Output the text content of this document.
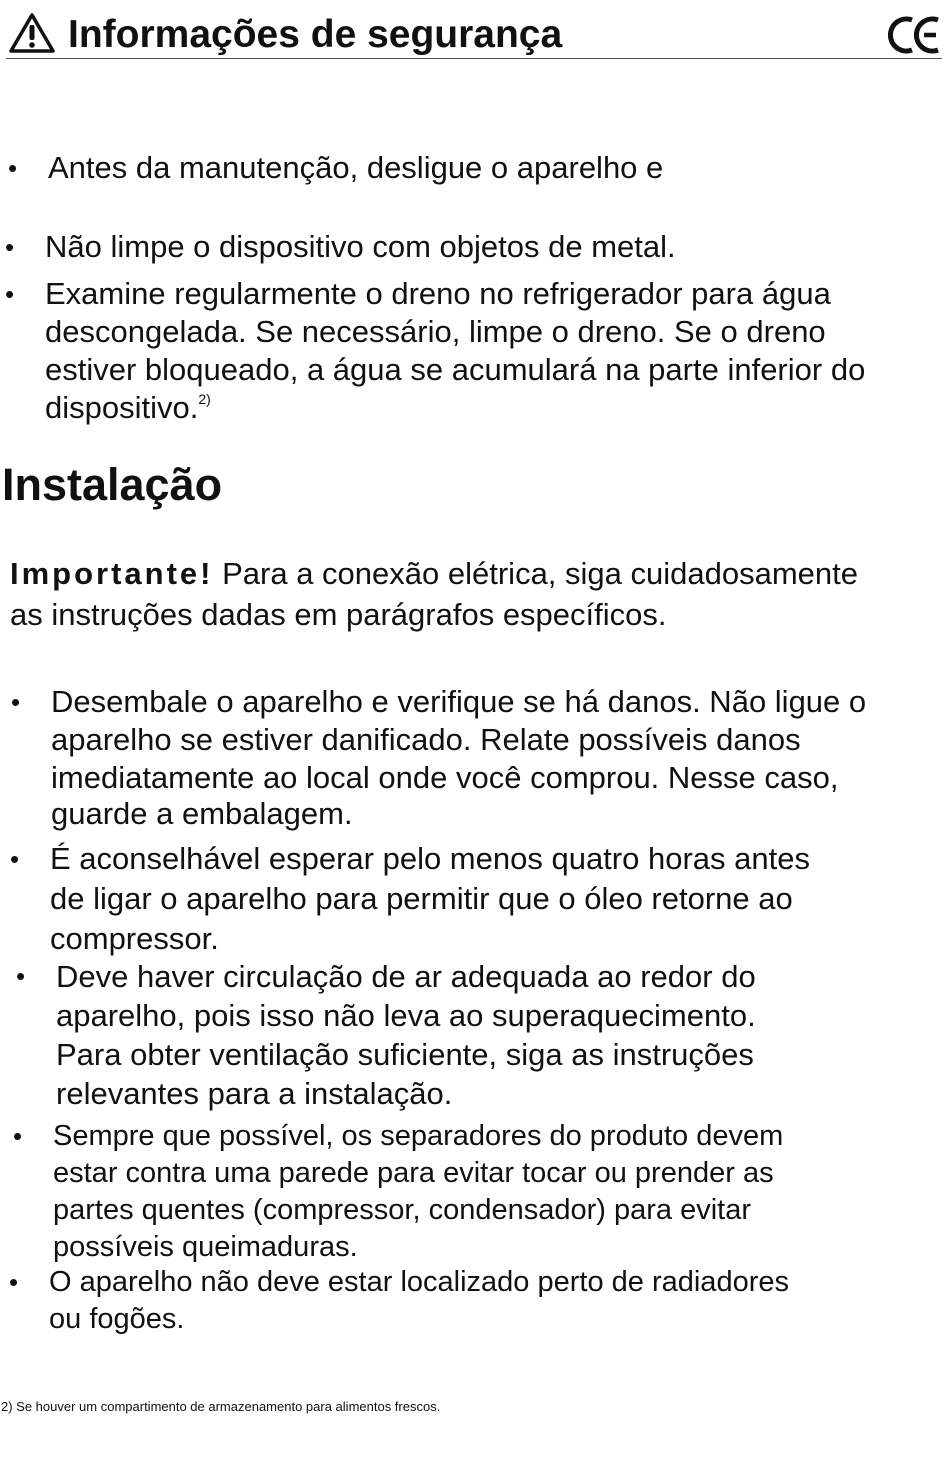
Informações de segurança
• Antes da manutenção, desligue o aparelho e
• Não limpe o dispositivo com objetos de metal.
• Examine regularmente o dreno no refrigerador para água
descongelada. Se necessário, limpe o dreno. Se o dreno
estiver bloqueado, a água se acumulará na parte inferior do
dispositivo.$^{2)}$
Instalação
Importante! Para a conexão elétrica, siga cuidadosamente
as instruções dadas em parágrafos específicos.
• Desembale o aparelho e verifique se há danos. Não ligue o
aparelho se estiver danificado. Relate possíveis danos
imediatamente ao local onde você comprou. Nesse caso,
guarde a embalagem.
• É aconselhável esperar pelo menos quatro horas antes
de ligar o aparelho para permitir que o óleo retorne ao
compressor.
• Deve haver circulação de ar adequada ao redor do
aparelho, pois isso não leva ao superaquecimento.
Para obter ventilação suficiente, siga as instruções
relevantes para a instalação.
• Sempre que possível, os separadores do produto devem
estar contra uma parede para evitar tocar ou prender as
partes quentes (compressor, condensador) para evitar
possíveis queimaduras.
• O aparelho não deve estar localizado perto de radiadores
ou fogões.
2) Se houver um compartimento de armazenamento para alimentos frescos.
